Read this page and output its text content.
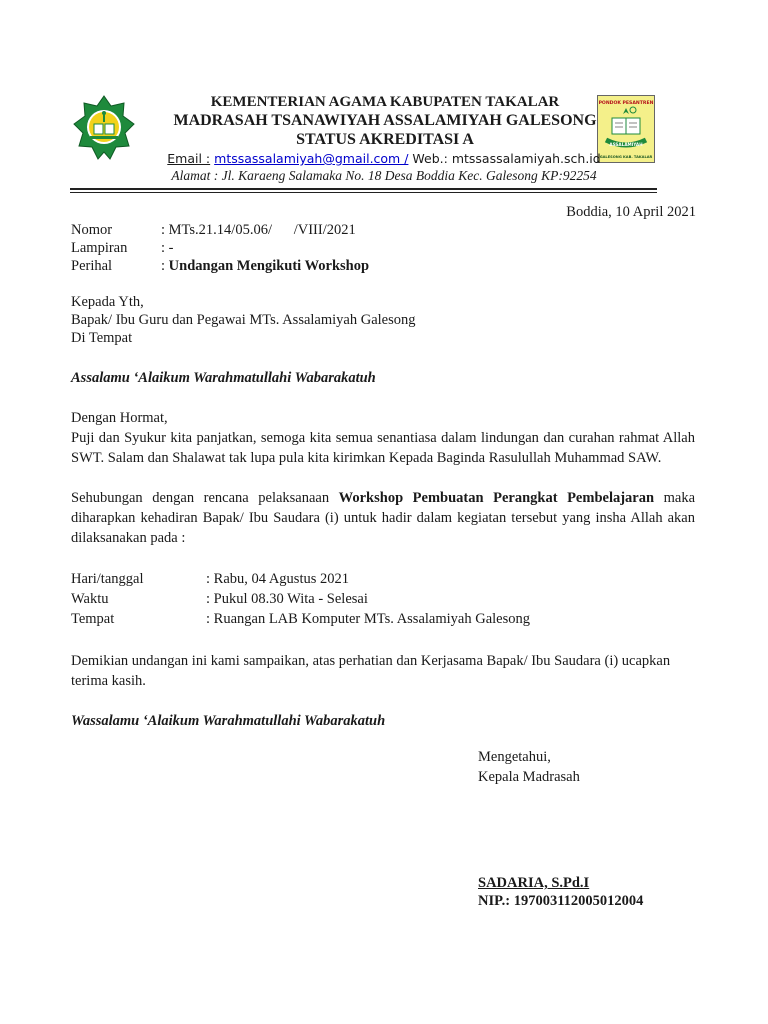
PONDOK PESANTREN
ASSALAMIYAH
GALESONG KAB. TAKALAR
KEMENTERIAN AGAMA KABUPATEN TAKALAR
MADRASAH TSANAWIYAH ASSALAMIYAH GALESONG
STATUS AKREDITASI A
Email : mtssassalamiyah@gmail.com / Web.: mtssassalamiyah.sch.id
Alamat : Jl. Karaeng Salamaka No. 18 Desa Boddia Kec. Galesong KP:92254
Boddia, 10 April 2021
Nomor	: MTs.21.14/05.06/      /VIII/2021
Lampiran : -
Perihal	: Undangan Mengikuti Workshop
Kepada Yth,
Bapak/ Ibu Guru dan Pegawai MTs. Assalamiyah Galesong
Di Tempat
Assalamu ‘Alaikum Warahmatullahi Wabarakatuh
Dengan Hormat,
Puji dan Syukur kita panjatkan, semoga kita semua senantiasa dalam lindungan dan curahan rahmat Allah SWT. Salam dan Shalawat tak lupa pula kita kirimkan Kepada Baginda Rasulullah Muhammad SAW.
Sehubungan dengan rencana pelaksanaan Workshop Pembuatan Perangkat Pembelajaran maka diharapkan kehadiran Bapak/ Ibu Saudara (i) untuk hadir dalam kegiatan tersebut yang insha Allah akan dilaksanakan pada :
Hari/tanggal	: Rabu, 04 Agustus 2021
Waktu	: Pukul 08.30 Wita - Selesai
Tempat	: Ruangan LAB Komputer MTs. Assalamiyah Galesong
Demikian undangan ini kami sampaikan, atas perhatian dan Kerjasama Bapak/ Ibu Saudara (i) ucapkan terima kasih.
Wassalamu ‘Alaikum Warahmatullahi Wabarakatuh
Mengetahui,
Kepala Madrasah
SADARIA, S.Pd.I
NIP.: 197003112005012004
